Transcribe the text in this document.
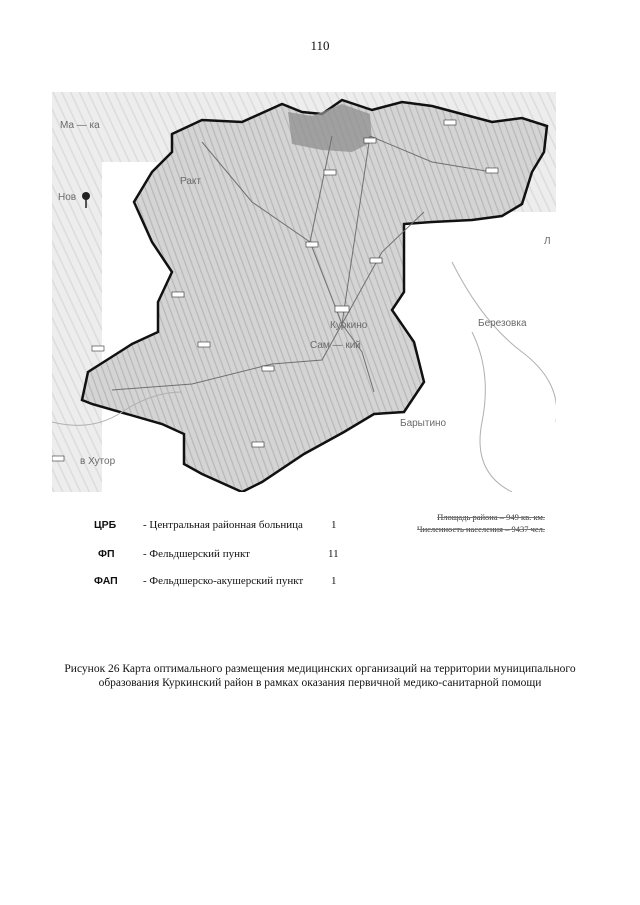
110
Ма — ка
Нов
Ракт
Куркино
Сам — кий
Березовка
Барытино
в Хутор
Л
Площадь района – 949 кв. км.
Численность населения – 9437 чел.
ЦРБ - Центральная районная больница	1
ФП	- Фельдшерский пункт	11
ФАП - Фельдшерско-акушерский пункт	1
Рисунок 26 Карта оптимального размещения медицинских организаций на территории муниципального образования Куркинский район в рамках оказания первичной медико-санитарной помощи
